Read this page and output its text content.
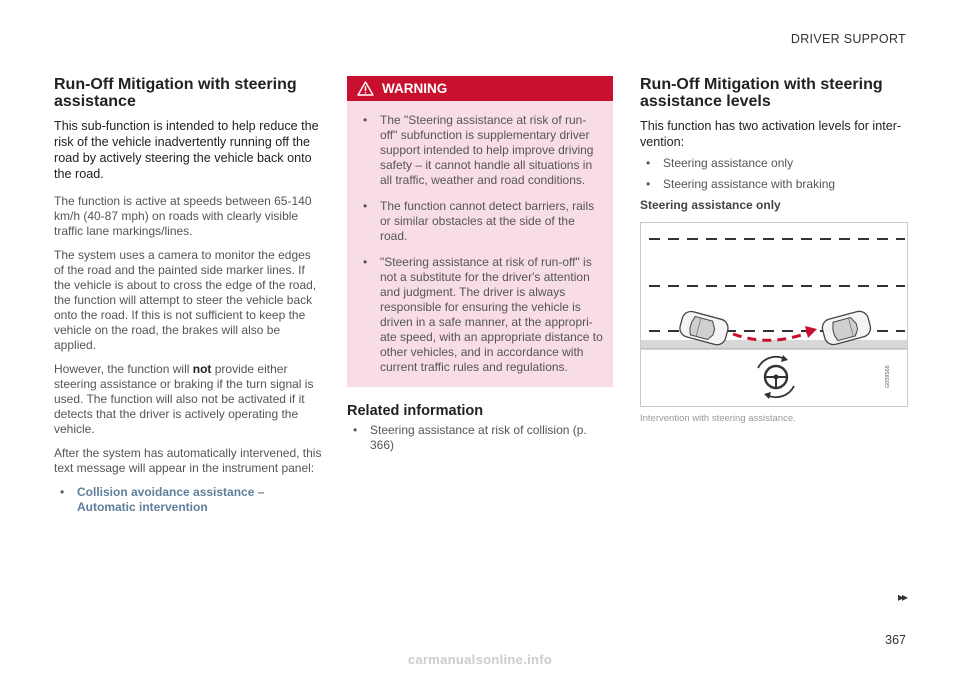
DRIVER SUPPORT
Run-Off Mitigation with steering assistance

This sub-function is intended to help reduce the risk of the vehicle inadvertently running off the road by actively steering the vehicle back onto the road.

The function is active at speeds between 65-140 km/h (40-87 mph) on roads with clearly visible traffic lane markings/lines.

The system uses a camera to monitor the edges of the road and the painted side marker lines. If the vehicle is about to cross the edge of the road, the function will attempt to steer the vehicle back onto the road. If this is not sufficient to keep the vehicle on the road, the brakes will also be applied.

However, the function will not provide either steering assistance or braking if the turn signal is used. The function will also not be activated if it detects that the driver is actively operating the vehicle.

After the system has automatically intervened, this text message will appear in the instrument panel:

• Collision avoidance assistance – Automatic intervention
WARNING
• The "Steering assistance at risk of run-off" subfunction is supplementary driver support intended to help improve driving safety – it cannot handle all situations in all traffic, weather and road conditions.
• The function cannot detect barriers, rails or similar obstacles at the side of the road.
• "Steering assistance at risk of run-off" is not a substitute for the driver's attention and judgment. The driver is always responsible for ensuring the vehicle is driven in a safe manner, at the appropri-ate speed, with an appropriate distance to other vehicles, and in accordance with current traffic rules and regulations.
Related information
• Steering assistance at risk of collision (p. 366)
Run-Off Mitigation with steering assistance levels

This function has two activation levels for inter-vention:

• Steering assistance only
• Steering assistance with braking
Steering assistance only
G059566
Intervention with steering assistance.
▸▸
367
carmanualsonline.info
